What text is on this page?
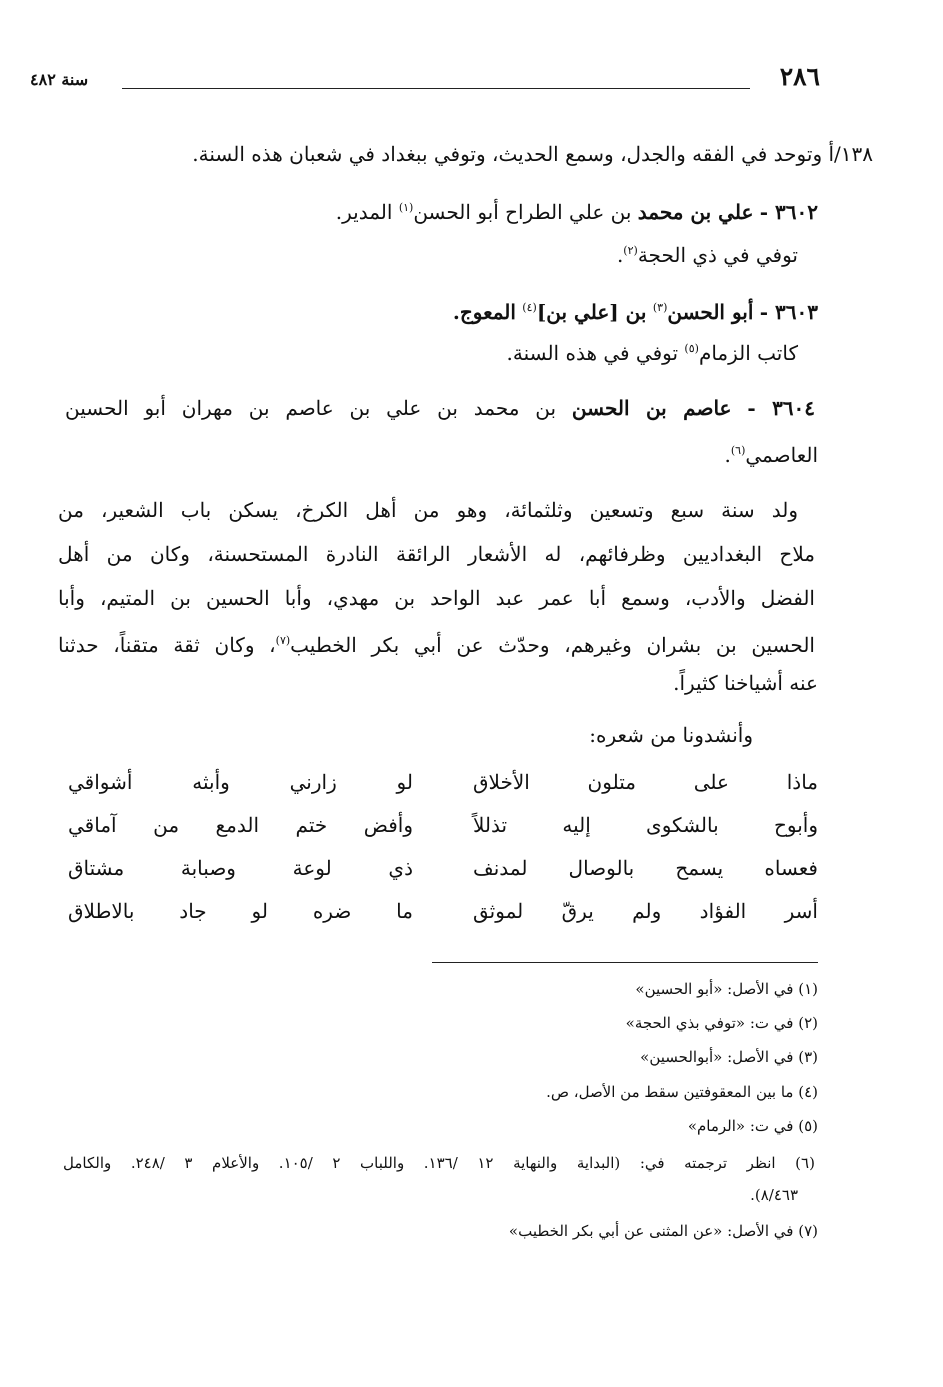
٢٨٦
سنة ٤٨٢
١٣٨/أ وتوحد في الفقه والجدل، وسمع الحديث، وتوفي ببغداد في شعبان هذه السنة.
٣٦٠٢ - علي بن محمد بن علي الطراح أبو الحسن$^{(١)}$ المدير.
توفي في ذي الحجة$^{(٢)}$.
٣٦٠٣ - أبو الحسن$^{(٣)}$ بن [علي بن]$^{(٤)}$ المعوج.
كاتب الزمام$^{(٥)}$ توفي في هذه السنة.
٣٦٠٤ - عاصم بن الحسن بن محمد بن علي بن عاصم بن مهران أبو الحسين
العاصمي$^{(٦)}$.
ولد سنة سبع وتسعين وثلثمائة، وهو من أهل الكرخ، يسكن باب الشعير، من
ملاح البغداديين وظرفائهم، له الأشعار الرائقة النادرة المستحسنة، وكان من أهل
الفضل والأدب، وسمع أبا عمر عبد الواحد بن مهدي، وأبا الحسين بن المتيم، وأبا
الحسين بن بشران وغيرهم، وحدّث عن أبي بكر الخطيب$^{(٧)}$، وكان ثقة متقناً، حدثنا
عنه أشياخنا كثيراً.
وأنشدونا من شعره:
ماذا على متلون الأخلاق
لو زارني وأبثه أشواقي
وأبوح بالشكوى إليه تذللاً
وأفض ختم الدمع من آماقي
فعساه يسمح بالوصال لمدنف
ذي لوعة وصبابة مشتاق
أسر الفؤاد ولم يرقّ لموثق
ما ضره لو جاد بالاطلاق
(١) في الأصل: «أبو الحسين»
(٢) في ت: «توفي بذي الحجة»
(٣) في الأصل: «أبوالحسين»
(٤) ما بين المعقوفتين سقط من الأصل، ص.
(٥) في ت: «الرمام»
(٦) انظر ترجمته في: (البداية والنهاية ١٢ /١٣٦. واللباب ٢ /١٠٥. والأعلام ٣ /٢٤٨. والكامل
٨/٤٦٣).
(٧) في الأصل: «عن المثنى عن أبي بكر الخطيب»
